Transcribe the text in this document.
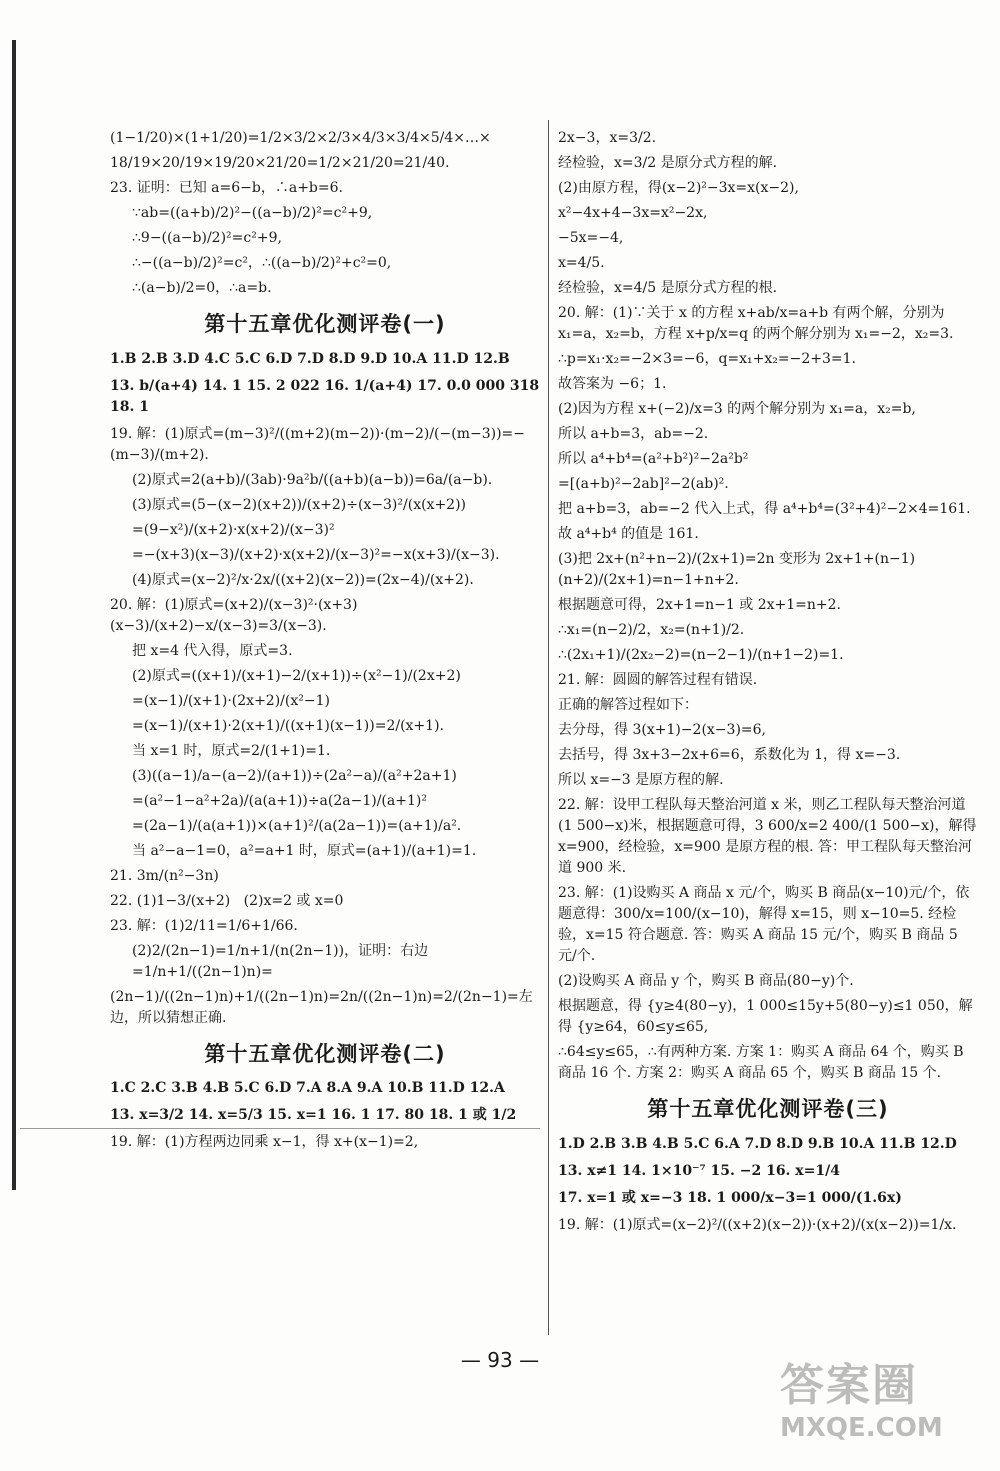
(1−1/20)×(1+1/20)=1/2×3/2×2/3×4/3×3/4×5/4×…×
18/19×20/19×19/20×21/20=1/2×21/20=21/40.
23. 证明：已知 a=6−b，∴a+b=6.
∵ab=((a+b)/2)²−((a−b)/2)²=c²+9,
∴9−((a−b)/2)²=c²+9,
∴−((a−b)/2)²=c²，∴((a−b)/2)²+c²=0,
∴(a−b)/2=0，∴a=b.
第十五章优化测评卷(一)
1.B 2.B 3.D 4.C 5.C 6.D 7.D 8.D 9.D 10.A 11.D 12.B
13. b/(a+4) 14. 1 15. 2 022 16. 1/(a+4) 17. 0.0 000 318 18. 1
19. 解：(1)原式=(m−3)²/((m+2)(m−2))·(m−2)/(−(m−3))=−(m−3)/(m+2).
(2)原式=2(a+b)/(3ab)·9a²b/((a+b)(a−b))=6a/(a−b).
(3)原式=(5−(x−2)(x+2))/(x+2)÷(x−3)²/(x(x+2))
=(9−x²)/(x+2)·x(x+2)/(x−3)²
=−(x+3)(x−3)/(x+2)·x(x+2)/(x−3)²=−x(x+3)/(x−3).
(4)原式=(x−2)²/x·2x/((x+2)(x−2))=(2x−4)/(x+2).
20. 解：(1)原式=(x+2)/(x−3)²·(x+3)(x−3)/(x+2)−x/(x−3)=3/(x−3).
把 x=4 代入得，原式=3.
(2)原式=((x+1)/(x+1)−2/(x+1))÷(x²−1)/(2x+2)
=(x−1)/(x+1)·(2x+2)/(x²−1)
=(x−1)/(x+1)·2(x+1)/((x+1)(x−1))=2/(x+1).
当 x=1 时，原式=2/(1+1)=1.
(3)((a−1)/a−(a−2)/(a+1))÷(2a²−a)/(a²+2a+1)
=(a²−1−a²+2a)/(a(a+1))÷a(2a−1)/(a+1)²
=(2a−1)/(a(a+1))×(a+1)²/(a(2a−1))=(a+1)/a².
当 a²−a−1=0，a²=a+1 时，原式=(a+1)/(a+1)=1.
21. 3m/(n²−3n)
22. (1)1−3/(x+2)   (2)x=2 或 x=0
23. 解：(1)2/11=1/6+1/66.
(2)2/(2n−1)=1/n+1/(n(2n−1))，证明：右边=1/n+1/((2n−1)n)=
(2n−1)/((2n−1)n)+1/((2n−1)n)=2n/((2n−1)n)=2/(2n−1)=左边，所以猜想正确.
第十五章优化测评卷(二)
1.C 2.C 3.B 4.B 5.C 6.D 7.A 8.A 9.A 10.B 11.D 12.A
13. x=3/2 14. x=5/3 15. x=1 16. 1 17. 80 18. 1 或 1/2
19. 解：(1)方程两边同乘 x−1，得 x+(x−1)=2,
2x−3，x=3/2.
经检验，x=3/2 是原分式方程的解.
(2)由原方程，得(x−2)²−3x=x(x−2),
x²−4x+4−3x=x²−2x,
−5x=−4,
x=4/5.
经检验，x=4/5 是原分式方程的根.
20. 解：(1)∵关于 x 的方程 x+ab/x=a+b 有两个解，分别为 x₁=a，x₂=b，方程 x+p/x=q 的两个解分别为 x₁=−2，x₂=3.
∴p=x₁·x₂=−2×3=−6，q=x₁+x₂=−2+3=1.
故答案为 −6；1.
(2)因为方程 x+(−2)/x=3 的两个解分别为 x₁=a，x₂=b,
所以 a+b=3，ab=−2.
所以 a⁴+b⁴=(a²+b²)²−2a²b²
=[(a+b)²−2ab]²−2(ab)².
把 a+b=3，ab=−2 代入上式，得 a⁴+b⁴=(3²+4)²−2×4=161.
故 a⁴+b⁴ 的值是 161.
(3)把 2x+(n²+n−2)/(2x+1)=2n 变形为 2x+1+(n−1)(n+2)/(2x+1)=n−1+n+2.
根据题意可得，2x+1=n−1 或 2x+1=n+2.
∴x₁=(n−2)/2，x₂=(n+1)/2.
∴(2x₁+1)/(2x₂−2)=(n−2−1)/(n+1−2)=1.
21. 解：圆圆的解答过程有错误.
正确的解答过程如下：
去分母，得 3(x+1)−2(x−3)=6,
去括号，得 3x+3−2x+6=6，系数化为 1，得 x=−3.
所以 x=−3 是原方程的解.
22. 解：设甲工程队每天整治河道 x 米，则乙工程队每天整治河道(1 500−x)米，根据题意可得，3 600/x=2 400/(1 500−x)，解得 x=900，经检验，x=900 是原方程的根. 答：甲工程队每天整治河道 900 米.
23. 解：(1)设购买 A 商品 x 元/个，购买 B 商品(x−10)元/个，依题意得：300/x=100/(x−10)，解得 x=15，则 x−10=5. 经检验，x=15 符合题意. 答：购买 A 商品 15 元/个，购买 B 商品 5 元/个.
(2)设购买 A 商品 y 个，购买 B 商品(80−y)个.
根据题意，得 {y≥4(80−y)，1 000≤15y+5(80−y)≤1 050，解得 {y≥64，60≤y≤65,
∴64≤y≤65，∴有两种方案. 方案 1：购买 A 商品 64 个，购买 B 商品 16 个. 方案 2：购买 A 商品 65 个，购买 B 商品 15 个.
第十五章优化测评卷(三)
1.D 2.B 3.B 4.B 5.C 6.A 7.D 8.D 9.B 10.A 11.B 12.D
13. x≠1 14. 1×10⁻⁷ 15. −2 16. x=1/4
17. x=1 或 x=−3 18. 1 000/x−3=1 000/(1.6x)
19. 解：(1)原式=(x−2)²/((x+2)(x−2))·(x+2)/(x(x−2))=1/x.
— 93 —	答案圈
MXQE.COM
